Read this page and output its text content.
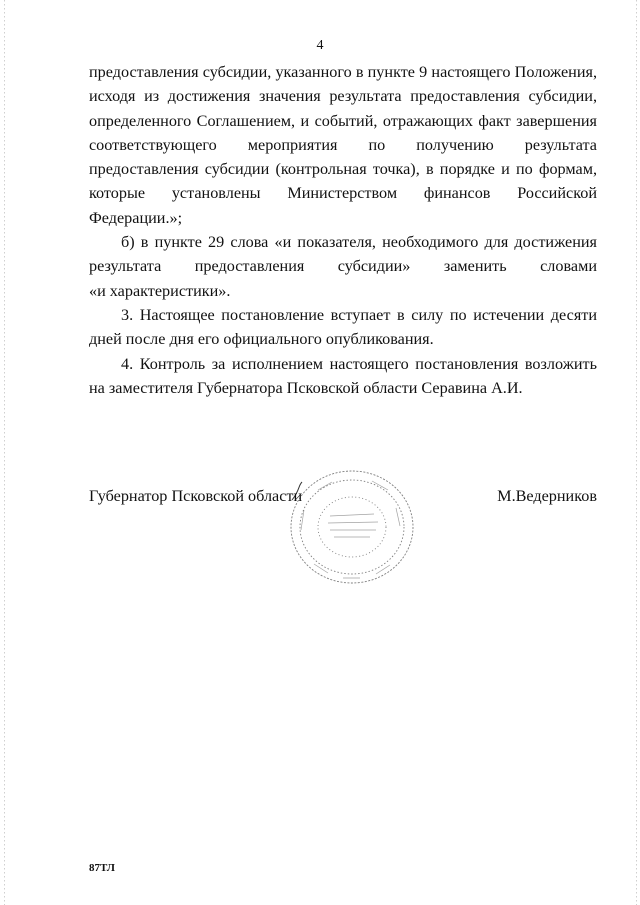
4
предоставления субсидии, указанного в пункте 9 настоящего Положения,
исходя из достижения значения результата предоставления субсидии,
определенного Соглашением, и событий, отражающих факт завершения
соответствующего мероприятия по получению результата
предоставления субсидии (контрольная точка), в порядке и по формам,
которые установлены Министерством финансов Российской
Федерации.»;
б) в пункте 29 слова «и показателя, необходимого для достижения
результата предоставления субсидии» заменить словами
«и характеристики».
3. Настоящее постановление вступает в силу по истечении десяти
дней после дня его официального опубликования.
4. Контроль за исполнением настоящего постановления возложить
на заместителя Губернатора Псковской области Серавина А.И.
Губернатор Псковской области	М.Ведерников
87ТЛ
